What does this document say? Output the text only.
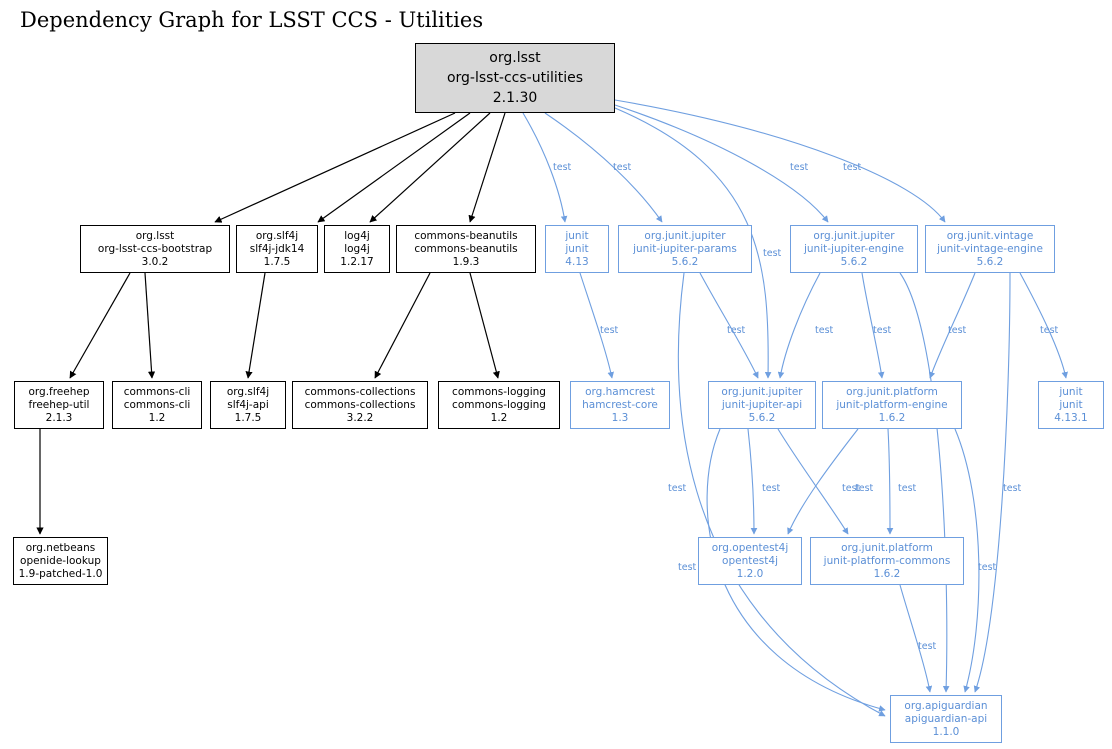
Dependency Graph for LSST CCS - Utilities
org.lsst
org-lsst-ccs-utilities
2.1.30
org.lsst
org-lsst-ccs-bootstrap
3.0.2
org.slf4j
slf4j-jdk14
1.7.5
log4j
log4j
1.2.17
commons-beanutils
commons-beanutils
1.9.3
junit
junit
4.13
org.junit.jupiter
junit-jupiter-params
5.6.2
org.junit.jupiter
junit-jupiter-engine
5.6.2
org.junit.vintage
junit-vintage-engine
5.6.2
org.freehep
freehep-util
2.1.3
commons-cli
commons-cli
1.2
org.slf4j
slf4j-api
1.7.5
commons-collections
commons-collections
3.2.2
commons-logging
commons-logging
1.2
org.hamcrest
hamcrest-core
1.3
org.junit.jupiter
junit-jupiter-api
5.6.2
org.junit.platform
junit-platform-engine
1.6.2
junit
junit
4.13.1
org.opentest4j
opentest4j
1.2.0
org.junit.platform
junit-platform-commons
1.6.2
org.apiguardian
apiguardian-api
1.1.0
org.netbeans
openide-lookup
1.9-patched-1.0
test	test	test	test
test
test	test
test
test	test	test	test
test
test	test
test
test	test
test
test
